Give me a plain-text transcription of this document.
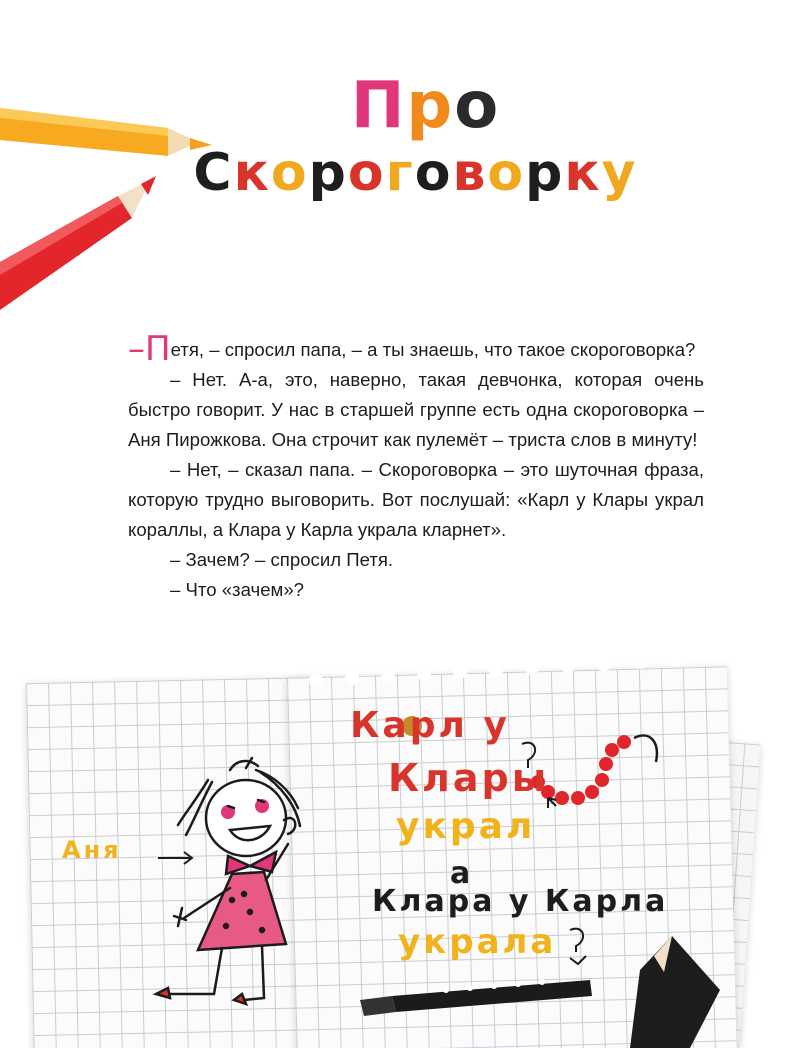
Про
Скороговорку

–Петя, – спросил папа, – а ты знаешь, что такое скороговорка?

– Нет. А-а, это, наверно, такая девчонка, которая очень быстро говорит. У нас в старшей группе есть одна скороговорка – Аня Пирожкова. Она строчит как пулемёт – триста слов в минуту!

– Нет, – сказал папа. – Скороговорка – это шуточная фраза, которую трудно выговорить. Вот послушай: «Карл у Клары украл кораллы, а Клара у Карла украла кларнет».

– Зачем? – спросил Петя.

– Что «зачем»?

Аня
Карл у
Клары
украл
а
Клара у Карла
украла
